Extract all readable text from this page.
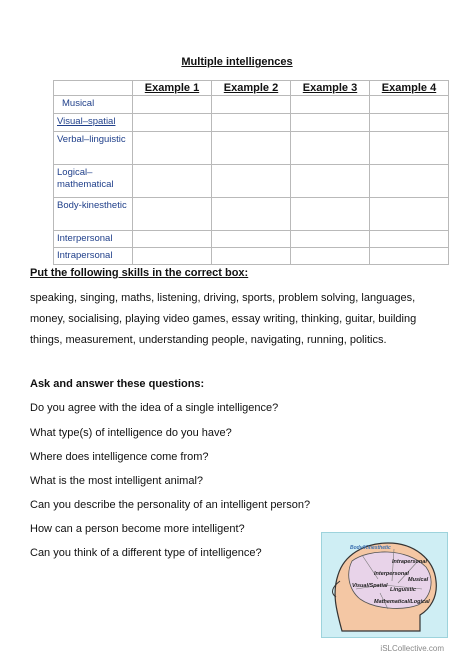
Multiple intelligences
	Example 1	Example 2	Example 3	Example 4
Musical				
Visual–spatial				
Verbal–linguistic				
Logical–mathematical				
Body-kinesthetic				
Interpersonal				
Intrapersonal				
Put the following skills in the correct box:
speaking, singing, maths, listening, driving, sports, problem solving, languages, money, socialising, playing video games, essay writing, thinking, guitar, building things, measurement, understanding people, navigating, running, politics.
Ask and answer these questions:
Do you agree with the idea of a single intelligence?
What type(s) of intelligence do you have?
Where does intelligence come from?
What is the most intelligent animal?
Can you describe the personality of an intelligent person?
How can a person become more intelligent?
Can you think of a different type of intelligence?	Body/Kinesthetic
Intrapersonal
Interpersonal
Musical
Visual/Spatial
Linguistic
Mathematical/Logical
iSLCollective.com
